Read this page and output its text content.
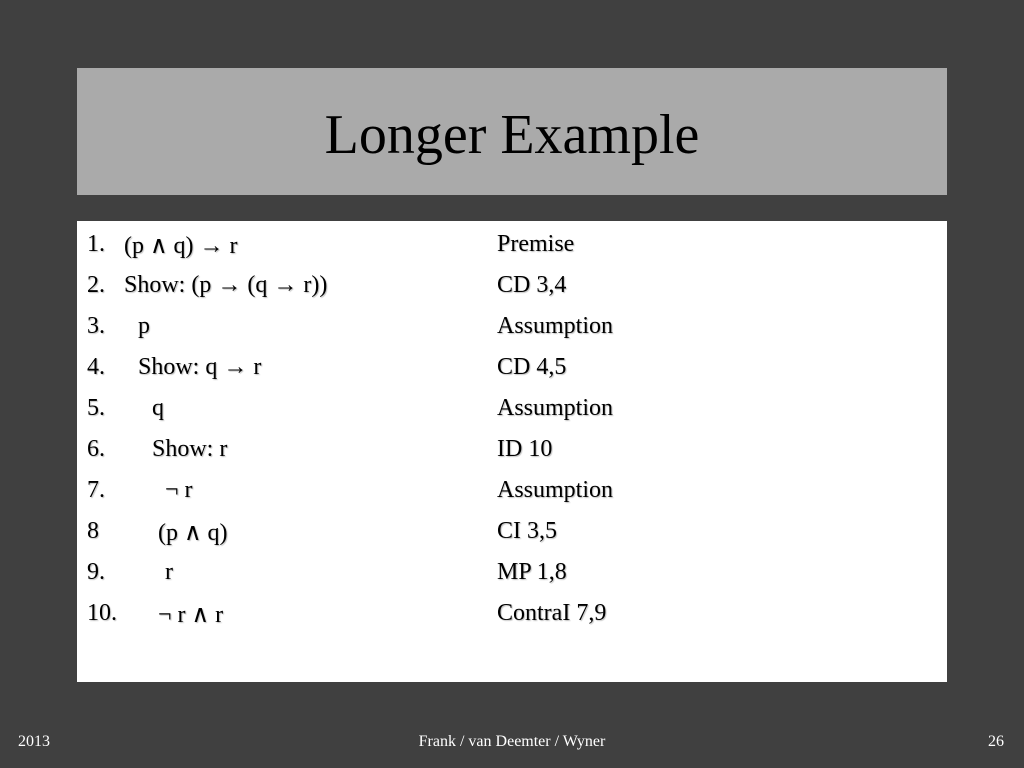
Longer Example
1. (p ∧ q) → r	Premise
2. Show: (p → (q → r))	CD 3,4
3. p	Assumption
4. Show: q → r	CD 4,5
5. q	Assumption
6. Show: r	ID 10
7.	¬ r	Assumption
8 (p ∧ q)	CI 3,5
9.	r	MP 1,8
10. ¬ r ∧ r	ContraI 7,9
Frank / van Deemter / Wyner
2013	26
